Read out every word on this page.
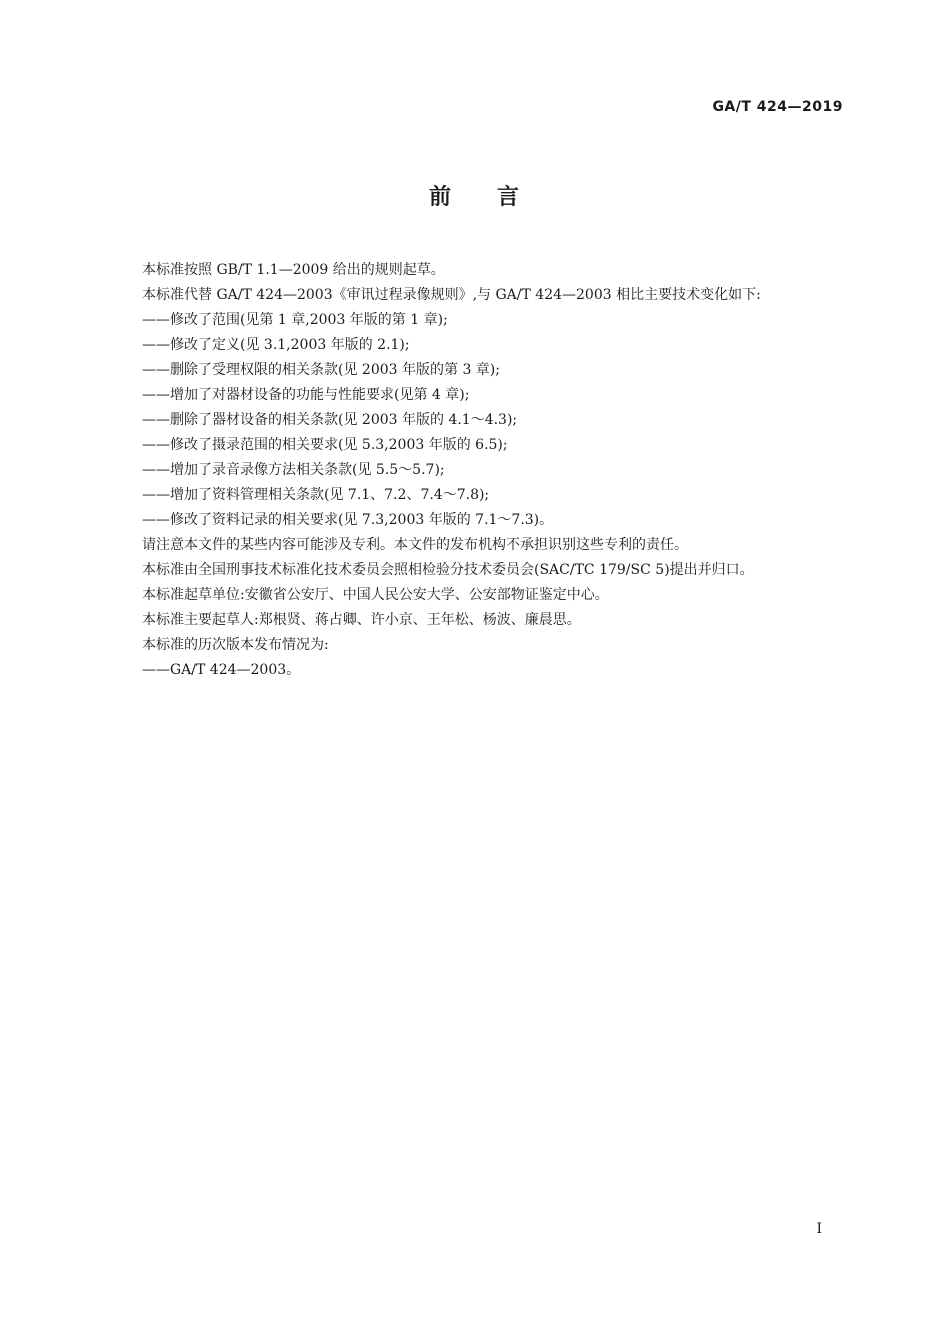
GA/T 424—2019
前 言

本标准按照 GB/T 1.1—2009 给出的规则起草。

本标准代替 GA/T 424—2003《审讯过程录像规则》,与 GA/T 424—2003 相比主要技术变化如下:

——修改了范围(见第 1 章,2003 年版的第 1 章);

——修改了定义(见 3.1,2003 年版的 2.1);

——删除了受理权限的相关条款(见 2003 年版的第 3 章);

——增加了对器材设备的功能与性能要求(见第 4 章);

——删除了器材设备的相关条款(见 2003 年版的 4.1～4.3);

——修改了摄录范围的相关要求(见 5.3,2003 年版的 6.5);

——增加了录音录像方法相关条款(见 5.5～5.7);

——增加了资料管理相关条款(见 7.1、7.2、7.4～7.8);

——修改了资料记录的相关要求(见 7.3,2003 年版的 7.1～7.3)。

请注意本文件的某些内容可能涉及专利。本文件的发布机构不承担识别这些专利的责任。

本标准由全国刑事技术标准化技术委员会照相检验分技术委员会(SAC/TC 179/SC 5)提出并归口。

本标准起草单位:安徽省公安厅、中国人民公安大学、公安部物证鉴定中心。

本标准主要起草人:郑根贤、蒋占卿、许小京、王年松、杨波、廉晨思。

本标准的历次版本发布情况为:

——GA/T 424—2003。

I
